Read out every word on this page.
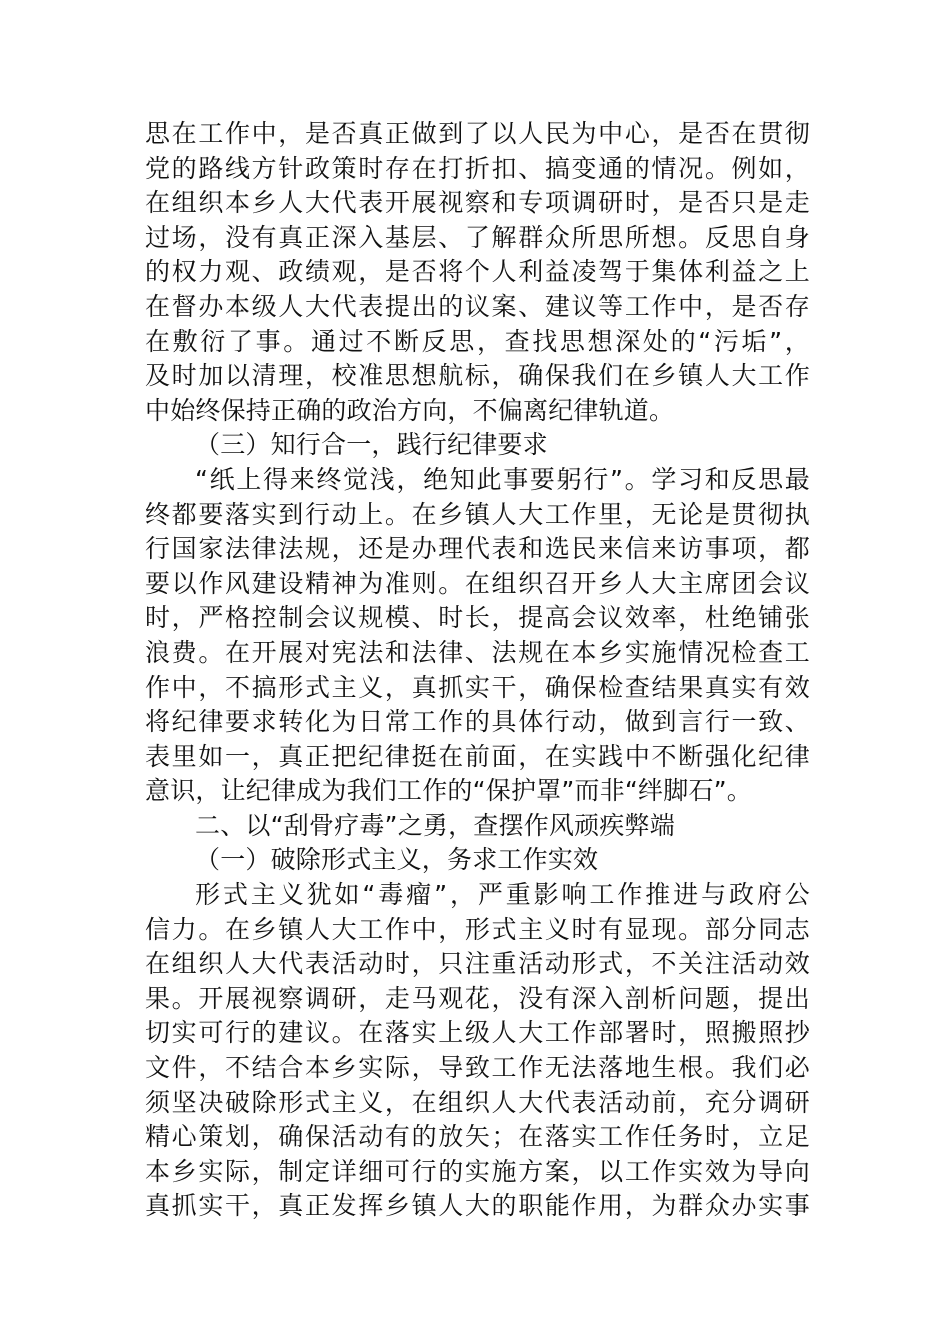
思在工作中，是否真正做到了以人民为中心，是否在贯彻
党的路线方针政策时存在打折扣、搞变通的情况。例如，
在组织本乡人大代表开展视察和专项调研时，是否只是走
过场，没有真正深入基层、了解群众所思所想。反思自身
的权力观、政绩观，是否将个人利益凌驾于集体利益之上
在督办本级人大代表提出的议案、建议等工作中，是否存
在敷衍了事。通过不断反思，查找思想深处的“污垢”，
及时加以清理，校准思想航标，确保我们在乡镇人大工作
中始终保持正确的政治方向，不偏离纪律轨道。
（三）知行合一，践行纪律要求
“纸上得来终觉浅，绝知此事要躬行”。学习和反思最
终都要落实到行动上。在乡镇人大工作里，无论是贯彻执
行国家法律法规，还是办理代表和选民来信来访事项，都
要以作风建设精神为准则。在组织召开乡人大主席团会议
时，严格控制会议规模、时长，提高会议效率，杜绝铺张
浪费。在开展对宪法和法律、法规在本乡实施情况检查工
作中，不搞形式主义，真抓实干，确保检查结果真实有效
将纪律要求转化为日常工作的具体行动，做到言行一致、
表里如一，真正把纪律挺在前面，在实践中不断强化纪律
意识，让纪律成为我们工作的“保护罩”而非“绊脚石”。
二、以“刮骨疗毒”之勇，查摆作风顽疾弊端
（一）破除形式主义，务求工作实效
形式主义犹如“毒瘤”，严重影响工作推进与政府公
信力。在乡镇人大工作中，形式主义时有显现。部分同志
在组织人大代表活动时，只注重活动形式，不关注活动效
果。开展视察调研，走马观花，没有深入剖析问题，提出
切实可行的建议。在落实上级人大工作部署时，照搬照抄
文件，不结合本乡实际，导致工作无法落地生根。我们必
须坚决破除形式主义，在组织人大代表活动前，充分调研
精心策划，确保活动有的放矢；在落实工作任务时，立足
本乡实际，制定详细可行的实施方案，以工作实效为导向
真抓实干，真正发挥乡镇人大的职能作用，为群众办实事
